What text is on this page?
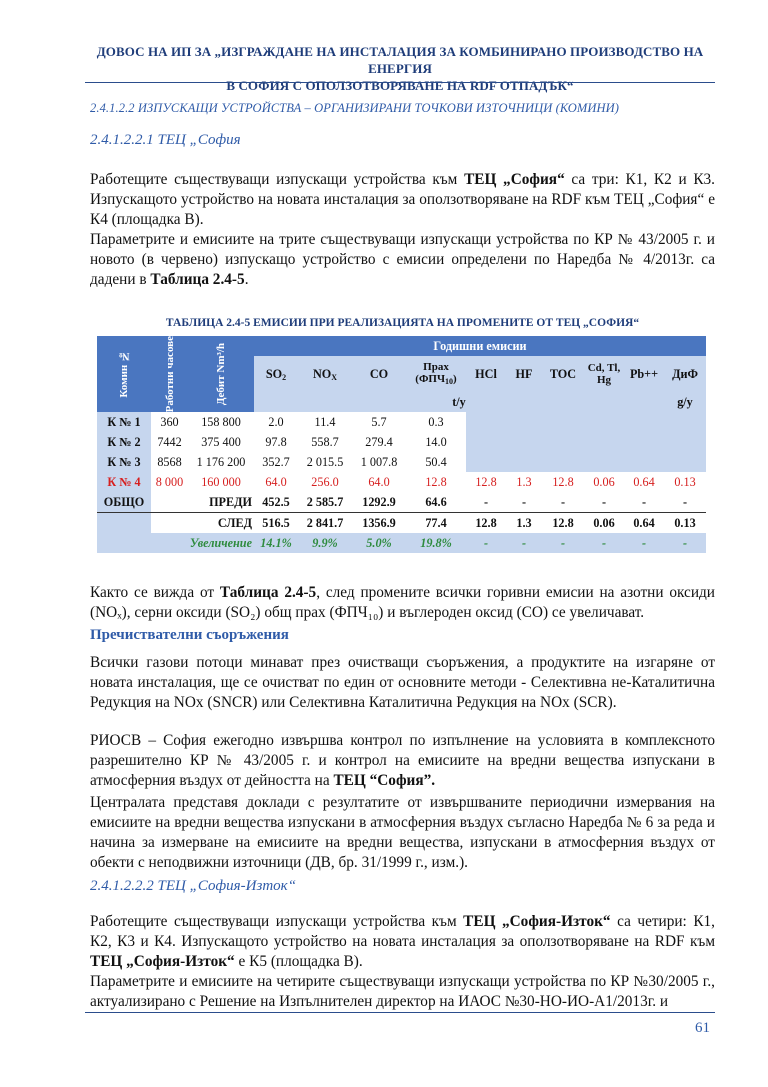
ДОВОС НА ИП ЗА „ИЗГРАЖДАНЕ НА ИНСТАЛАЦИЯ ЗА КОМБИНИРАНО ПРОИЗВОДСТВО НА ЕНЕРГИЯ
В СОФИЯ С ОПОЛЗОТВОРЯВАНЕ НА RDF ОТПАДЪК“
2.4.1.2.2 ИЗПУСКАЩИ УСТРОЙСТВА – ОРГАНИЗИРАНИ ТОЧКОВИ ИЗТОЧНИЦИ (КОМИНИ)
2.4.1.2.2.1 ТЕЦ „София
Работещите съществуващи изпускащи устройства към ТЕЦ „София“ са три: К1, К2 и К3. Изпускащото устройство на новата инсталация за оползотворяване на RDF към ТЕЦ „София“ е К4 (площадка В).
Параметрите и емисиите на трите съществуващи изпускащи устройства по КР № 43/2005 г. и новото (в червено) изпускащо устройство с емисии определени по Наредба № 4/2013г. са дадени в Таблица 2.4-5.
ТАБЛИЦА 2.4-5 ЕМИСИИ ПРИ РЕАЛИЗАЦИЯТА НА ПРОМЕНИТЕ ОТ ТЕЦ „СОФИЯ“
Комин №	Работни часове	Дебит Nm³/h	Годишни емисии									
			$SO_2$	$NO_X$	CO	Прах $(ФПЧ_{10})$	HCl	HF	TOC	Cd, Tl, Hg	Pb++	ДиФ
			t/y									g/y
К № 1	360	158 800	2.0	11.4	5.7	0.3						
К № 2	7442	375 400	97.8	558.7	279.4	14.0						
К № 3	8568	1 176 200	352.7	2 015.5	1 007.8	50.4						
К № 4	8 000	160 000	64.0	256.0	64.0	12.8	12.8	1.3	12.8	0.06	0.64	0.13
ОБЩО	ПРЕДИ		452.5	2 585.7	1292.9	64.6	-	-	-	-	-	-
	СЛЕД		516.5	2 841.7	1356.9	77.4	12.8	1.3	12.8	0.06	0.64	0.13
Увеличение			14.1%	9.9%	5.0%	19.8%	-	-	-	-	-	-
Както се вижда от Таблица 2.4-5, след промените всички горивни емисии на азотни оксиди (NOₓ), серни оксиди (SO₂) общ прах (ФПЧ₁₀) и въглероден оксид (CO) се увеличават.
Пречиствателни съоръжения
Всички газови потоци минават през очистващи съоръжения, а продуктите на изгаряне от новата инсталация, ще се очистват по един от основните методи - Селективна не-Каталитична Редукция на NOx (SNCR) или Селективна Каталитична Редукция на NOx (SCR).
РИОСВ – София ежегодно извършва контрол по изпълнение на условията в комплексното разрешително КР № 43/2005 г. и контрол на емисиите на вредни вещества изпускани в атмосферния въздух от дейността на ТЕЦ “София”.
Централата представя доклади с резултатите от извършваните периодични измервания на емисиите на вредни вещества изпускани в атмосферния въздух съгласно Наредба № 6 за реда и начина за измерване на емисиите на вредни вещества, изпускани в атмосферния въздух от обекти с неподвижни източници (ДВ, бр. 31/1999 г., изм.).
2.4.1.2.2.2 ТЕЦ „София-Изток“
Работещите съществуващи изпускащи устройства към ТЕЦ „София-Изток“ са четири: К1, К2, К3 и К4. Изпускащото устройство на новата инсталация за оползотворяване на RDF към ТЕЦ „София-Изток“ е К5 (площадка В).
Параметрите и емисиите на четирите съществуващи изпускащи устройства по КР №30/2005 г., актуализирано с Решение на Изпълнителен директор на ИАОС №30-НО-ИО-А1/2013г. и
61
